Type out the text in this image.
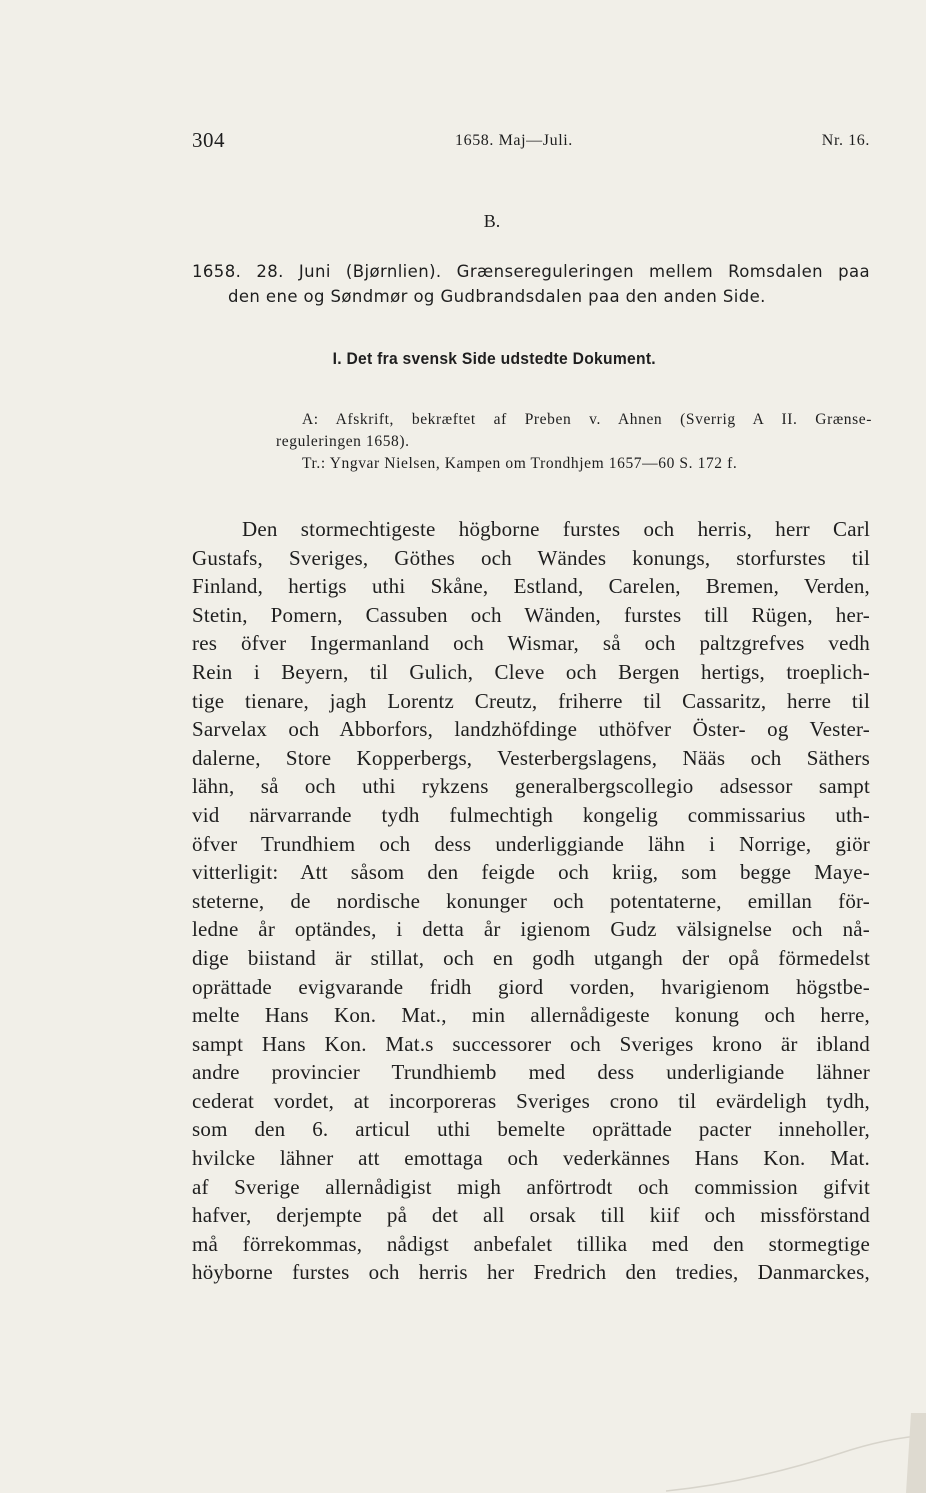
304	1658. Maj—Juli.	Nr. 16.
B.

1658. 28. Juni (Bjørnlien). Grænsereguleringen mellem Romsdalen paa

den ene og Søndmør og Gudbrandsdalen paa den anden Side.

I. Det fra svensk Side udstedte Dokument.

A: Afskrift, bekræftet af Preben v. Ahnen (Sverrig A II. Grænse-

reguleringen 1658).

Tr.: Yngvar Nielsen, Kampen om Trondhjem 1657—60 S. 172 f.

Den stormechtigeste högborne furstes och herris, herr Carl

Gustafs, Sveriges, Göthes och Wändes konungs, storfurstes til

Finland, hertigs uthi Skåne, Estland, Carelen, Bremen, Verden,

Stetin, Pomern, Cassuben och Wänden, furstes till Rügen, her-

res öfver Ingermanland och Wismar, så och paltzgrefves vedh

Rein i Beyern, til Gulich, Cleve och Bergen hertigs, troeplich-

tige tienare, jagh Lorentz Creutz, friherre til Cassaritz, herre til

Sarvelax och Abborfors, landzhöfdinge uthöfver Öster- og Vester-

dalerne, Store Kopperbergs, Vesterbergslagens, Nääs och Säthers

lähn, så och uthi rykzens generalbergscollegio adsessor sampt

vid närvarrande tydh fulmechtigh kongelig commissarius uth-

öfver Trundhiem och dess underliggiande lähn i Norrige, giör

vitterligit: Att såsom den feigde och kriig, som begge Maye-

steterne, de nordische konunger och potentaterne, emillan för-

ledne år optändes, i detta år igienom Gudz välsignelse och nå-

dige biistand är stillat, och en godh utgangh der opå förmedelst

oprättade evigvarande fridh giord vorden, hvarigienom högstbe-

melte Hans Kon. Mat., min allernådigeste konung och herre,

sampt Hans Kon. Mat.s successorer och Sveriges krono är ibland

andre provincier Trundhiemb med dess underligiande lähner

cederat vordet, at incorporeras Sveriges crono til evärdeligh tydh,

som den 6. articul uthi bemelte oprättade pacter inneholler,

hvilcke lähner att emottaga och vederkännes Hans Kon. Mat.

af Sverige allernådigist migh anförtrodt och commission gifvit

hafver, derjempte på det all orsak till kiif och missförstand

må förrekommas, nådigst anbefalet tillika med den stormegtige

höyborne furstes och herris her Fredrich den tredies, Danmarckes,
